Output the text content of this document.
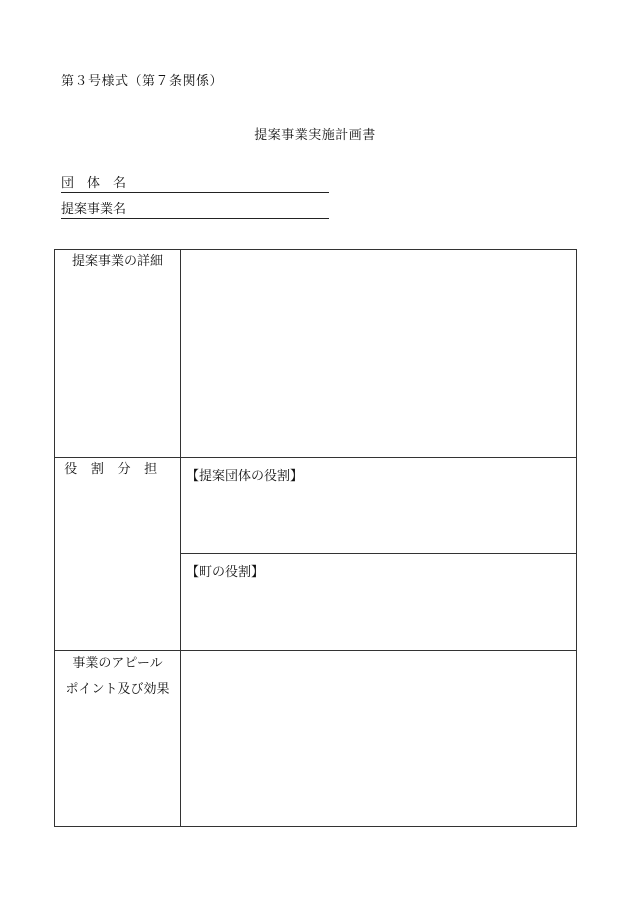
第３号様式（第７条関係）
提案事業実施計画書
団　体　名
提案事業名
提案事業の詳細	
役割分担	【提案団体の役割】

	【町の役割】

事業のアピール
ポイント及び効果	
